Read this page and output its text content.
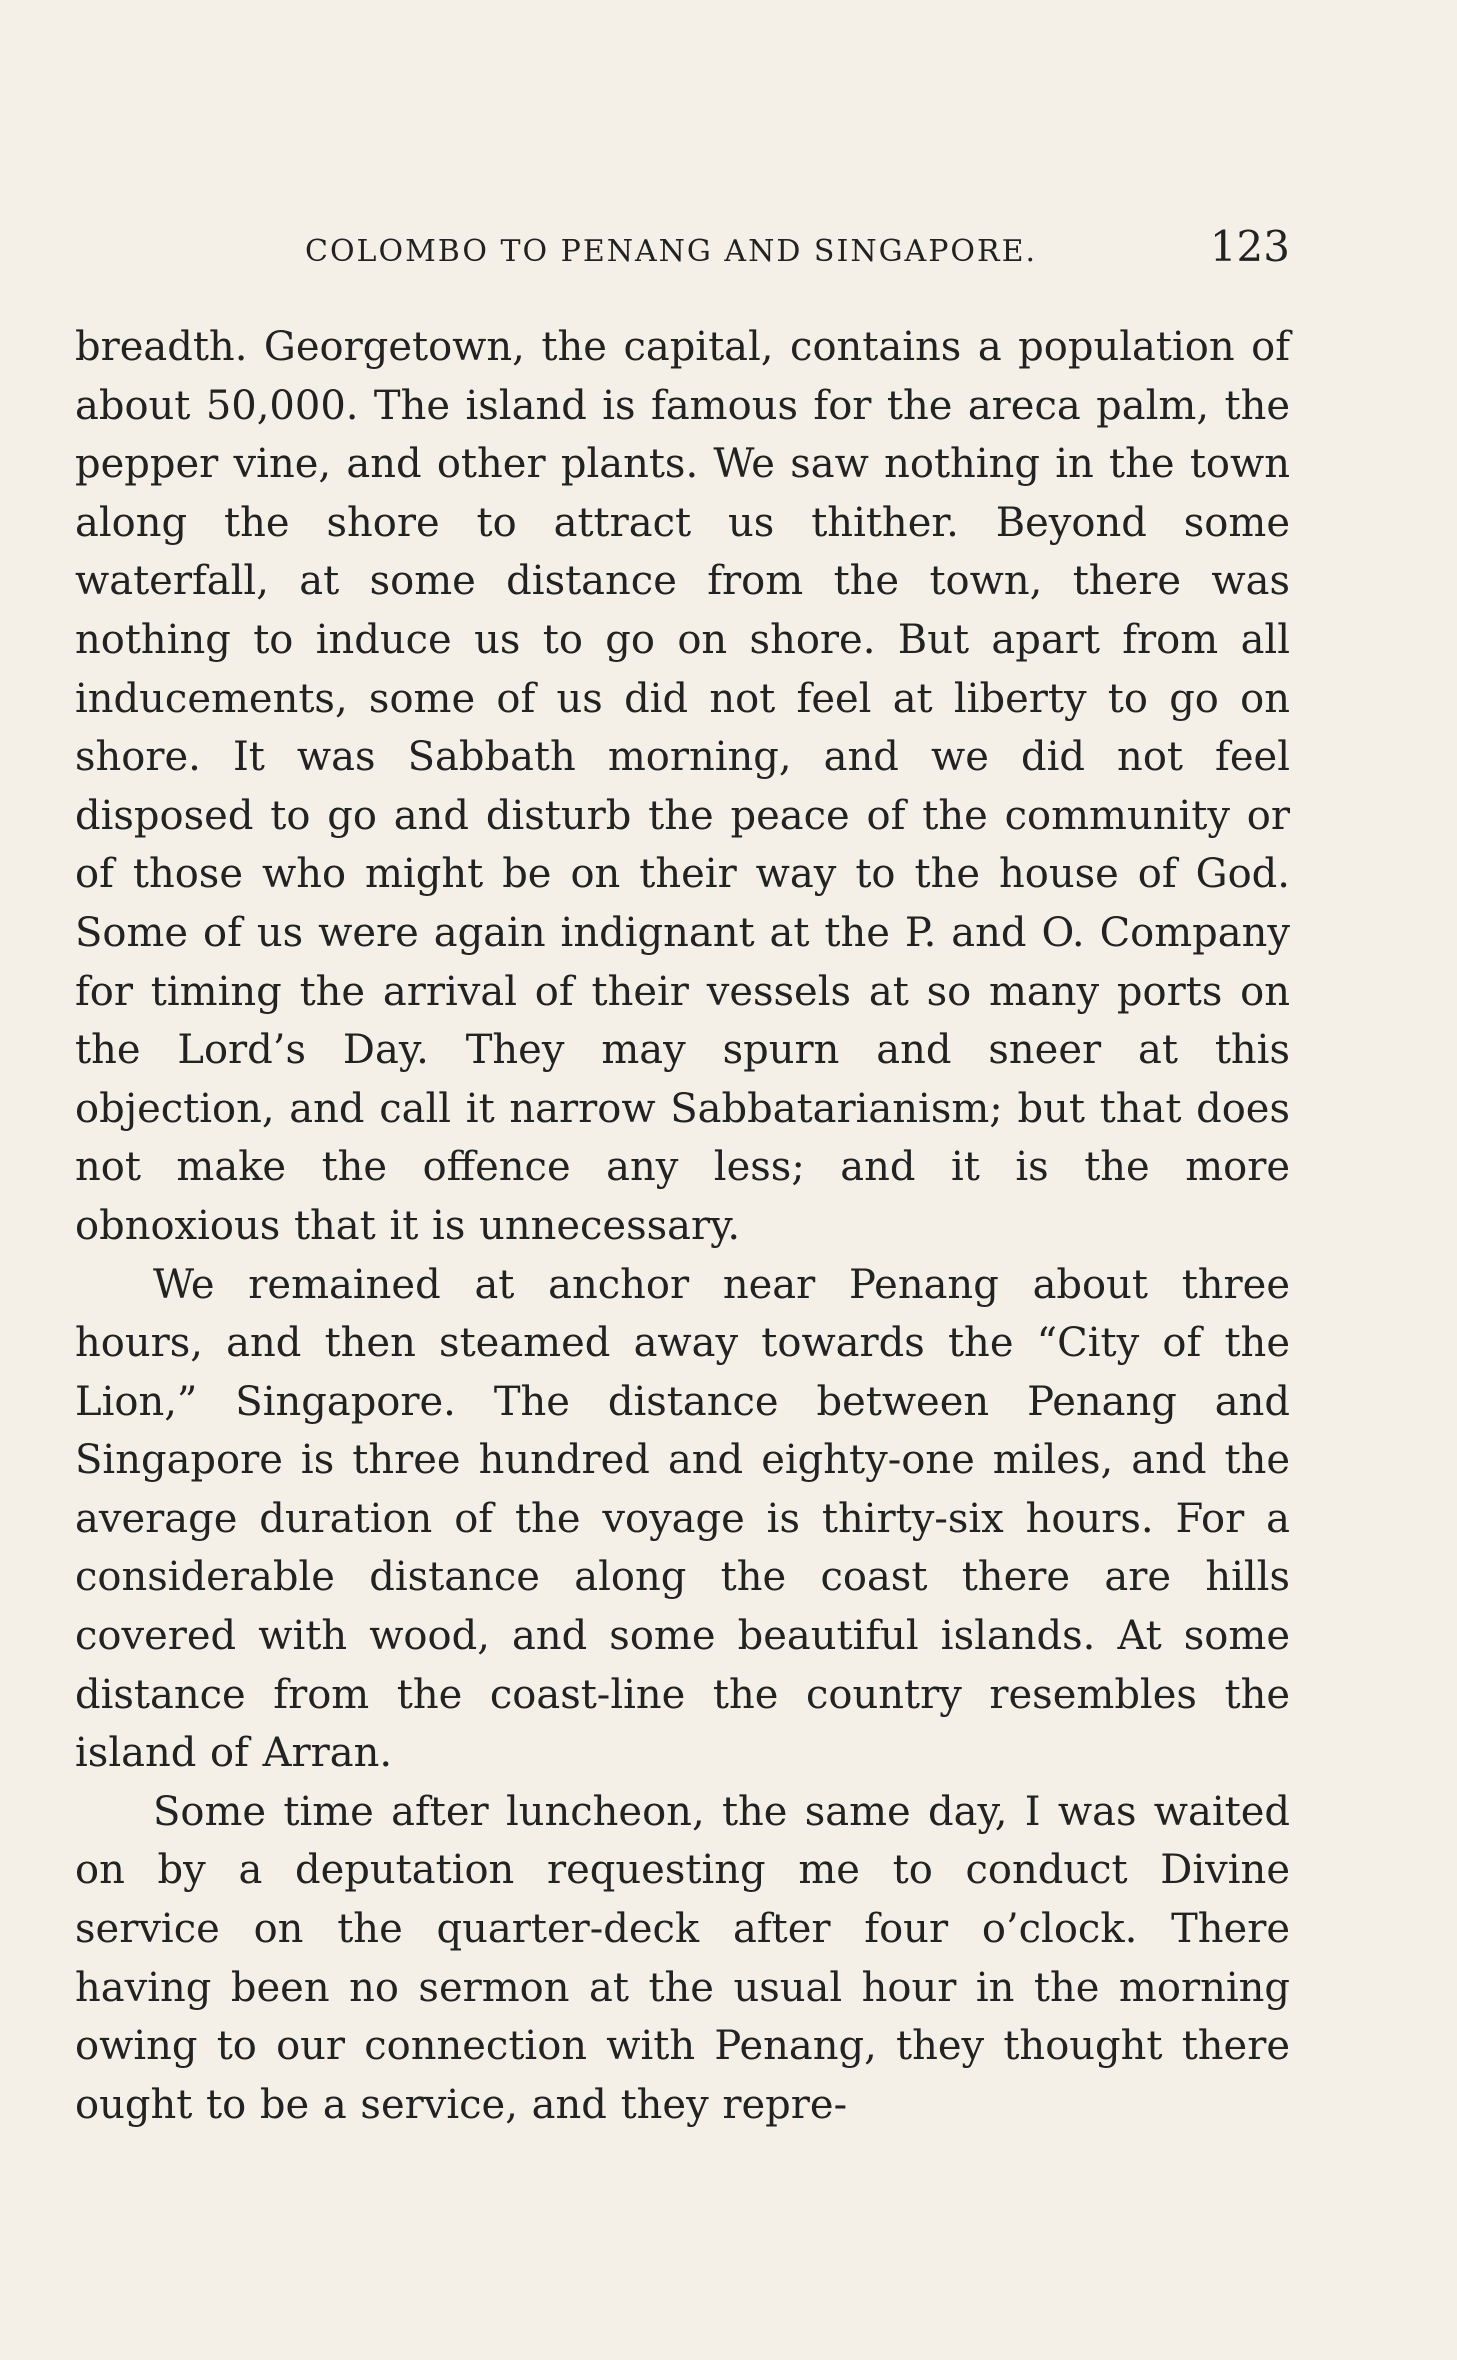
COLOMBO TO PENANG AND SINGAPORE.	123

breadth. Georgetown, the capital, contains a population of about 50,000. The island is famous for the areca palm, the pepper vine, and other plants. We saw nothing in the town along the shore to attract us thither. Beyond some waterfall, at some distance from the town, there was nothing to induce us to go on shore. But apart from all inducements, some of us did not feel at liberty to go on shore. It was Sabbath morning, and we did not feel disposed to go and disturb the peace of the community or of those who might be on their way to the house of God. Some of us were again indignant at the P. and O. Company for timing the arrival of their vessels at so many ports on the Lord’s Day. They may spurn and sneer at this objection, and call it narrow Sabbatarianism; but that does not make the offence any less; and it is the more obnoxious that it is unnecessary.

We remained at anchor near Penang about three hours, and then steamed away towards the “City of the Lion,” Singapore. The distance between Penang and Singapore is three hundred and eighty-one miles, and the average duration of the voyage is thirty-six hours. For a considerable distance along the coast there are hills covered with wood, and some beautiful islands. At some distance from the coast-line the country resembles the island of Arran.

Some time after luncheon, the same day, I was waited on by a deputation requesting me to conduct Divine service on the quarter-deck after four o’clock. There having been no sermon at the usual hour in the morning owing to our connection with Penang, they thought there ought to be a service, and they repre-
